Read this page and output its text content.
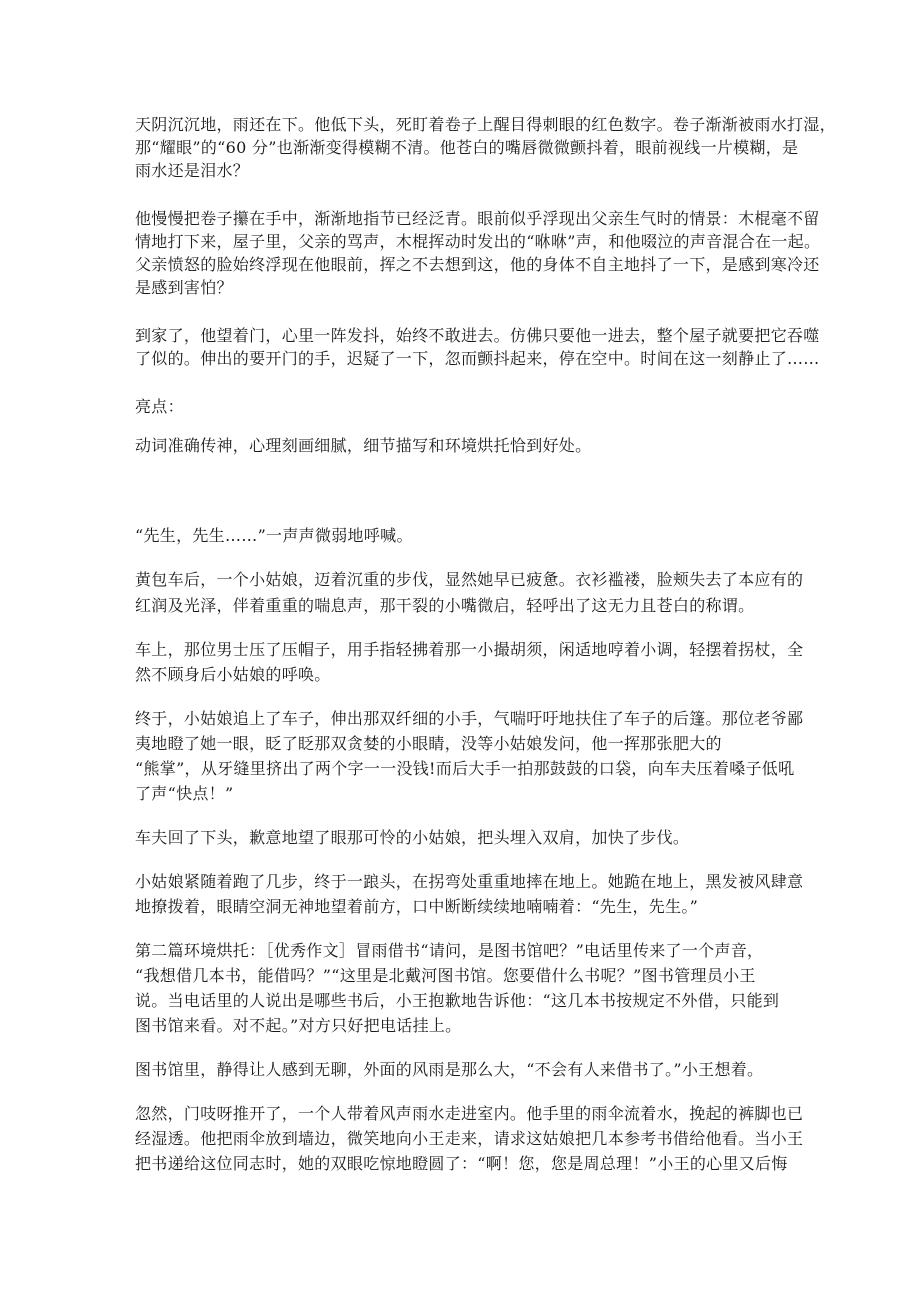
天阴沉沉地，雨还在下。他低下头，死盯着卷子上醒目得刺眼的红色数字。卷子渐渐被雨水打湿，
那“耀眼”的“60 分”也渐渐变得模糊不清。他苍白的嘴唇微微颤抖着，眼前视线一片模糊，是
雨水还是泪水？
他慢慢把卷子攥在手中，渐渐地指节已经泛青。眼前似乎浮现出父亲生气时的情景：木棍毫不留
情地打下来，屋子里，父亲的骂声，木棍挥动时发出的“咻咻”声，和他啜泣的声音混合在一起。
父亲愤怒的脸始终浮现在他眼前，挥之不去想到这，他的身体不自主地抖了一下，是感到寒冷还
是感到害怕？
到家了，他望着门，心里一阵发抖，始终不敢进去。仿佛只要他一进去，整个屋子就要把它吞噬
了似的。伸出的要开门的手，迟疑了一下，忽而颤抖起来，停在空中。时间在这一刻静止了……
亮点：
动词准确传神，心理刻画细腻，细节描写和环境烘托恰到好处。
“先生，先生……”一声声微弱地呼喊。
黄包车后，一个小姑娘，迈着沉重的步伐，显然她早已疲惫。衣衫褴褛，脸颊失去了本应有的
红润及光泽，伴着重重的喘息声，那干裂的小嘴微启，轻呼出了这无力且苍白的称谓。
车上，那位男士压了压帽子，用手指轻拂着那一小撮胡须，闲适地哼着小调，轻摆着拐杖，全
然不顾身后小姑娘的呼唤。
终于，小姑娘追上了车子，伸出那双纤细的小手，气喘吁吁地扶住了车子的后篷。那位老爷鄙
夷地瞪了她一眼，眨了眨那双贪婪的小眼睛，没等小姑娘发问，他一挥那张肥大的
“熊掌”，从牙缝里挤出了两个字一一没钱!而后大手一拍那鼓鼓的口袋，向车夫压着嗓子低吼
了声“快点！”
车夫回了下头，歉意地望了眼那可怜的小姑娘，把头埋入双肩，加快了步伐。
小姑娘紧随着跑了几步，终于一踉头，在拐弯处重重地摔在地上。她跪在地上，黑发被风肆意
地撩拨着，眼睛空洞无神地望着前方，口中断断续续地喃喃着：“先生，先生。”
第二篇环境烘托：［优秀作文］冒雨借书“请问，是图书馆吧？”电话里传来了一个声音，
“我想借几本书，能借吗？”“这里是北戴河图书馆。您要借什么书呢？”图书管理员小王
说。当电话里的人说出是哪些书后，小王抱歉地告诉他：“这几本书按规定不外借，只能到
图书馆来看。对不起。”对方只好把电话挂上。
图书馆里，静得让人感到无聊，外面的风雨是那么大，“不会有人来借书了。”小王想着。
忽然，门吱呀推开了，一个人带着风声雨水走进室内。他手里的雨伞流着水，挽起的裤脚也已
经湿透。他把雨伞放到墙边，微笑地向小王走来，请求这姑娘把几本参考书借给他看。当小王
把书递给这位同志时，她的双眼吃惊地瞪圆了：“啊！您，您是周总理！”小王的心里又后悔
